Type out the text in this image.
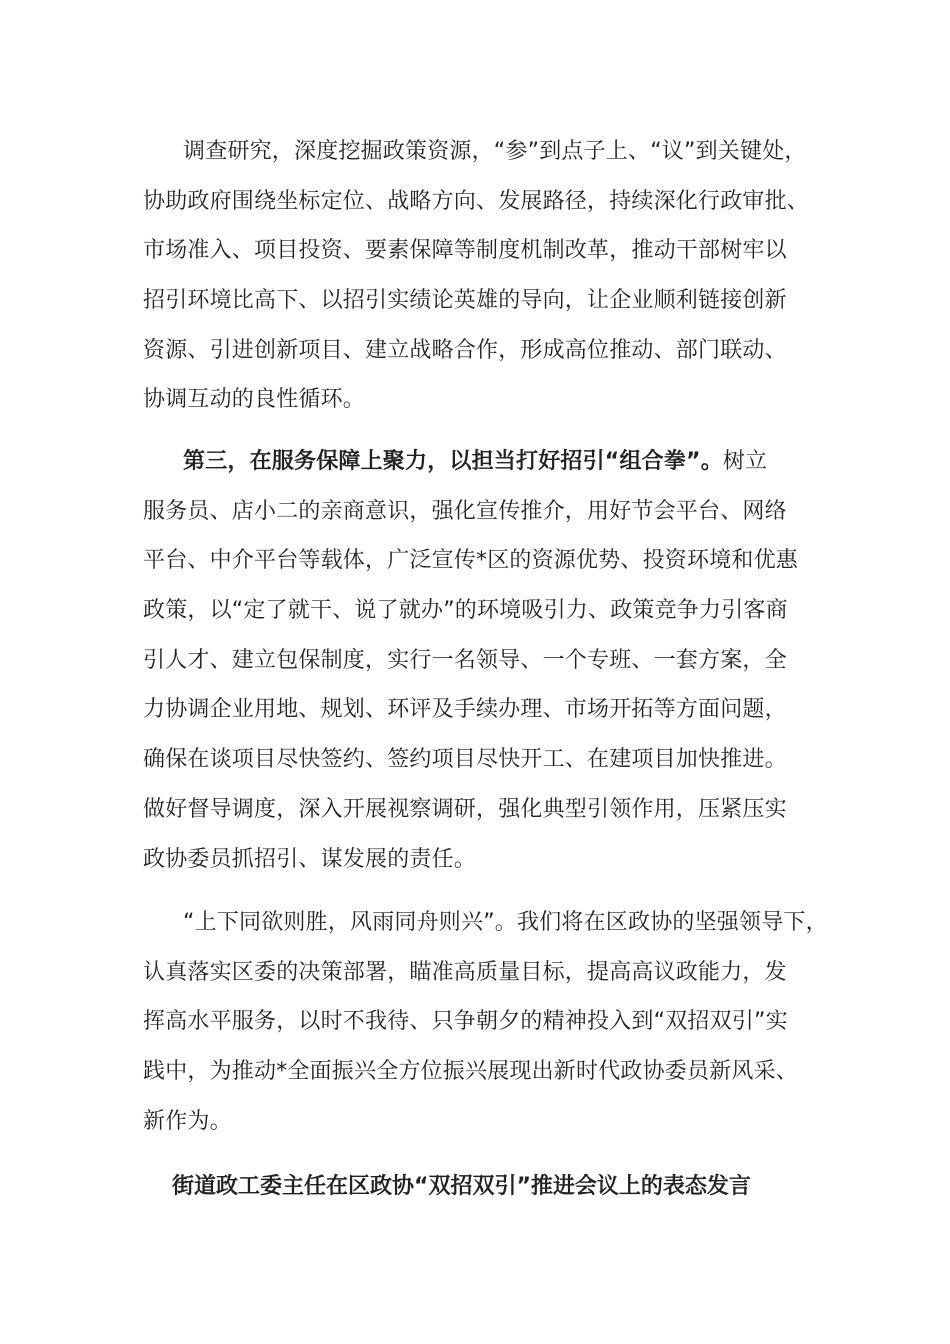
调查研究，深度挖掘政策资源，“参”到点子上、“议”到关键处，
协助政府围绕坐标定位、战略方向、发展路径，持续深化行政审批、
市场准入、项目投资、要素保障等制度机制改革，推动干部树牢以
招引环境比高下、以招引实绩论英雄的导向，让企业顺利链接创新
资源、引进创新项目、建立战略合作，形成高位推动、部门联动、
协调互动的良性循环。
第三，在服务保障上聚力，以担当打好招引“组合拳”。树立
服务员、店小二的亲商意识，强化宣传推介，用好节会平台、网络
平台、中介平台等载体，广泛宣传*区的资源优势、投资环境和优惠
政策，以“定了就干、说了就办”的环境吸引力、政策竞争力引客商
引人才、建立包保制度，实行一名领导、一个专班、一套方案，全
力协调企业用地、规划、环评及手续办理、市场开拓等方面问题，
确保在谈项目尽快签约、签约项目尽快开工、在建项目加快推进。
做好督导调度，深入开展视察调研，强化典型引领作用，压紧压实
政协委员抓招引、谋发展的责任。
“上下同欲则胜，风雨同舟则兴”。我们将在区政协的坚强领导下，
认真落实区委的决策部署，瞄准高质量目标，提高高议政能力，发
挥高水平服务，以时不我待、只争朝夕的精神投入到“双招双引”实
践中，为推动*全面振兴全方位振兴展现出新时代政协委员新风采、
新作为。
街道政工委主任在区政协“双招双引”推进会议上的表态发言
